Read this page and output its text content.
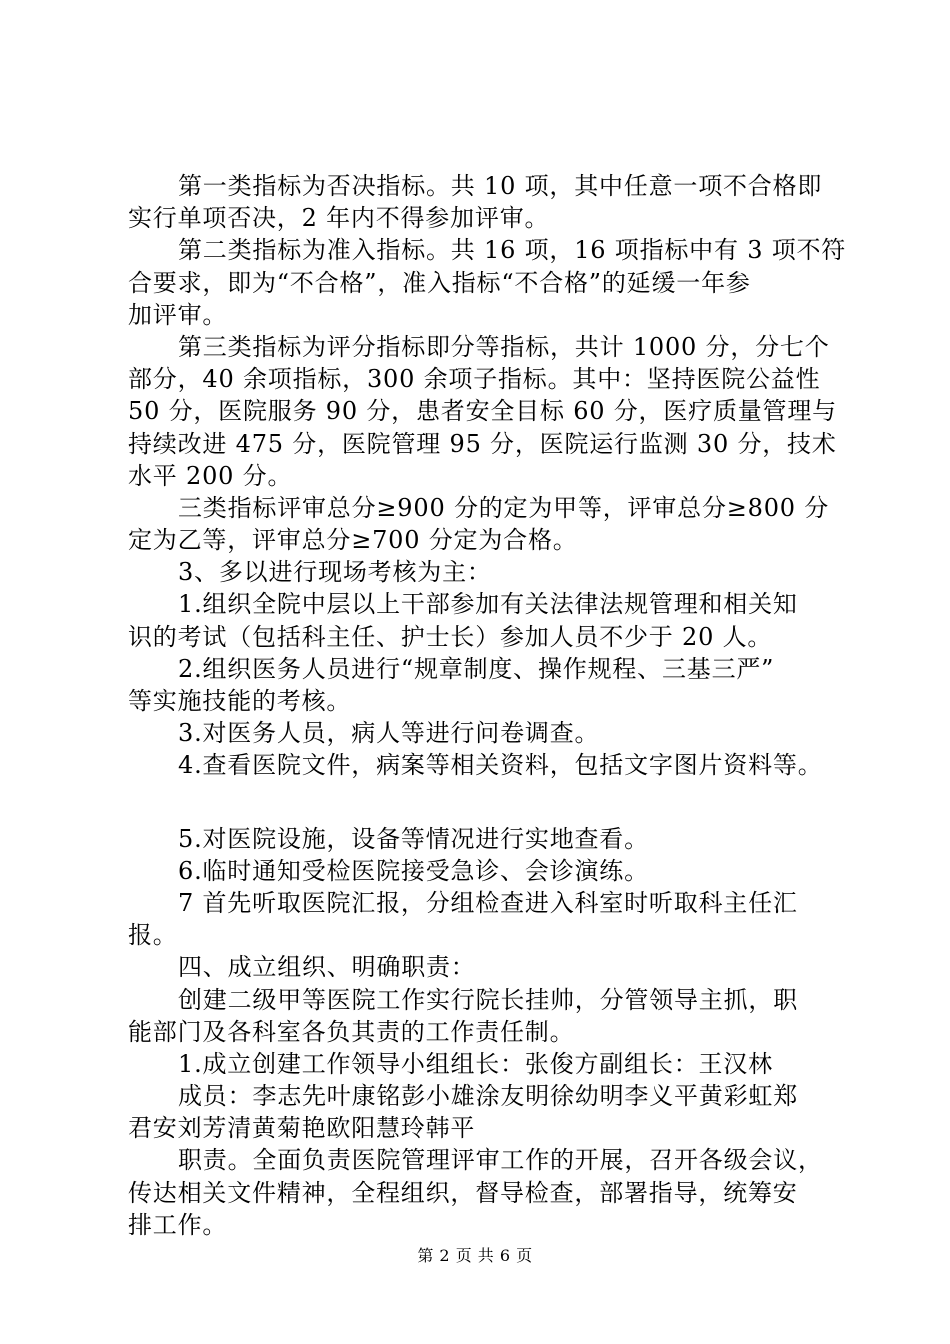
第一类指标为否决指标。共 10 项，其中任意一项不合格即
实行单项否决，2 年内不得参加评审。
第二类指标为准入指标。共 16 项，16 项指标中有 3 项不符
合要求，即为“不合格”，准入指标“不合格”的延缓一年参
加评审。
第三类指标为评分指标即分等指标，共计 1000 分，分七个
部分，40 余项指标，300 余项子指标。其中：坚持医院公益性
50 分，医院服务 90 分，患者安全目标 60 分，医疗质量管理与
持续改进 475 分，医院管理 95 分，医院运行监测 30 分，技术
水平 200 分。
三类指标评审总分≥900 分的定为甲等，评审总分≥800 分
定为乙等，评审总分≥700 分定为合格。
3、多以进行现场考核为主：
1.组织全院中层以上干部参加有关法律法规管理和相关知
识的考试（包括科主任、护士长）参加人员不少于 20 人。
2.组织医务人员进行“规章制度、操作规程、三基三严”
等实施技能的考核。
3.对医务人员，病人等进行问卷调查。
4.查看医院文件，病案等相关资料，包括文字图片资料等。
5.对医院设施，设备等情况进行实地查看。
6.临时通知受检医院接受急诊、会诊演练。
7 首先听取医院汇报，分组检查进入科室时听取科主任汇
报。
四、成立组织、明确职责：
创建二级甲等医院工作实行院长挂帅，分管领导主抓，职
能部门及各科室各负其责的工作责任制。
1.成立创建工作领导小组组长：张俊方副组长：王汉林
成员：李志先叶康铭彭小雄涂友明徐幼明李义平黄彩虹郑
君安刘芳清黄菊艳欧阳慧玲韩平
职责。全面负责医院管理评审工作的开展，召开各级会议，
传达相关文件精神，全程组织，督导检查，部署指导，统筹安
排工作。
第 2 页 共 6 页
